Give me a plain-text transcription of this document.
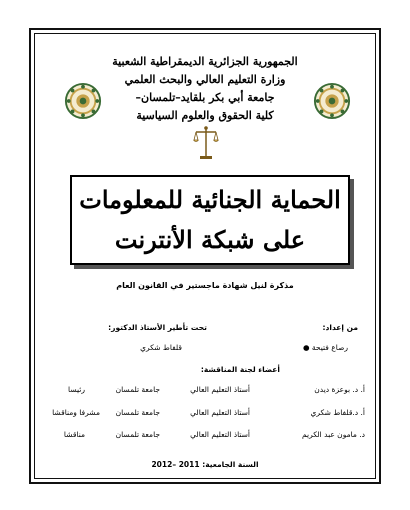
الجمهورية الجزائرية الديمقراطية الشعبية
وزارة التعليم العالي والبحث العلمي
جامعة أبي بكر بلقايد–تلمسان–
كلية الحقوق والعلوم السياسية
الحماية الجنائية للمعلومات
على شبكة الأنترنت
مذكرة لنيل شهادة ماجستير في القانون العام
من إعداد:
رصاع فتيحة ●
تحت تأطير الأستاذ الدكتور:
قلفاط شكري
أعضاء لجنة المناقشة:
أ. د. بوعزة ديدن
أستاذ التعليم العالي
جامعة تلمسان
رئيسا
أ. د.قلفاط شكري
أستاذ التعليم العالي
جامعة تلمسان
مشرفا ومناقشا
د. مامون عبد الكريم
أستاذ التعليم العالي
جامعة تلمسان
مناقشا
السنة الجامعية: 2011 –2012
